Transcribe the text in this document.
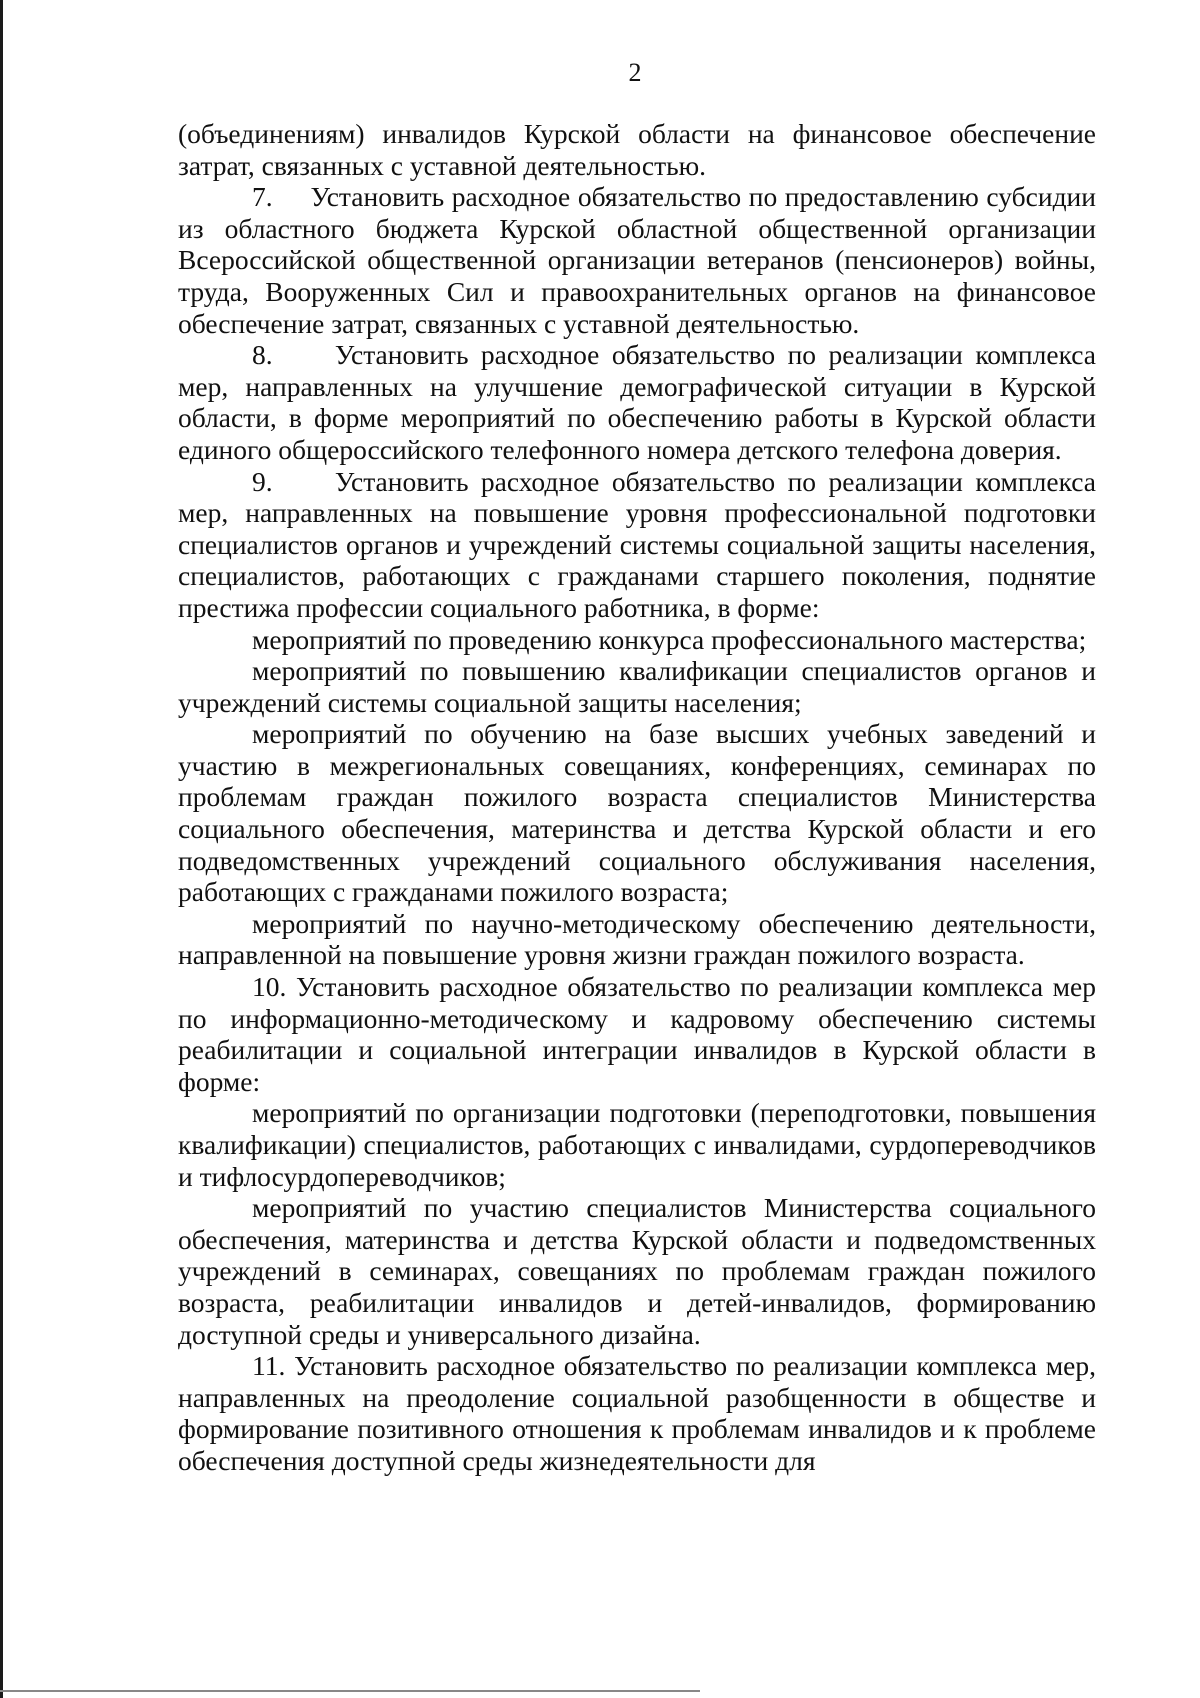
2

(объединениям) инвалидов Курской области на финансовое обеспечение затрат, связанных с уставной деятельностью.

7.     Установить расходное обязательство по предоставлению субсидии из областного бюджета Курской областной общественной организации Всероссийской общественной организации ветеранов (пенсионеров) войны, труда, Вооруженных Сил и правоохранительных органов на финансовое обеспечение затрат, связанных с уставной деятельностью.

8.     Установить расходное обязательство по реализации комплекса мер, направленных на улучшение демографической ситуации в Курской области, в форме мероприятий по обеспечению работы в Курской области единого общероссийского телефонного номера детского телефона доверия.

9.     Установить расходное обязательство по реализации комплекса мер, направленных на повышение уровня профессиональной подготовки специалистов органов и учреждений системы социальной защиты населения, специалистов, работающих с гражданами старшего поколения, поднятие престижа профессии социального работника, в форме:

мероприятий по проведению конкурса профессионального мастерства;

мероприятий по повышению квалификации специалистов органов и учреждений системы социальной защиты населения;

мероприятий по обучению на базе высших учебных заведений и участию в межрегиональных совещаниях, конференциях, семинарах по проблемам граждан пожилого возраста специалистов Министерства социального обеспечения, материнства и детства Курской области и его подведомственных учреждений социального обслуживания населения, работающих с гражданами пожилого возраста;

мероприятий по научно-методическому обеспечению деятельности, направленной на повышение уровня жизни граждан пожилого возраста.

10. Установить расходное обязательство по реализации комплекса мер по информационно-методическому и кадровому обеспечению системы реабилитации и социальной интеграции инвалидов в Курской области в форме:

мероприятий по организации подготовки (переподготовки, повышения квалификации) специалистов, работающих с инвалидами, сурдопереводчиков и тифлосурдопереводчиков;

мероприятий по участию специалистов Министерства социального обеспечения, материнства и детства Курской области и подведомственных учреждений в семинарах, совещаниях по проблемам граждан пожилого возраста, реабилитации инвалидов и детей-инвалидов, формированию доступной среды и универсального дизайна.

11. Установить расходное обязательство по реализации комплекса мер, направленных на преодоление социальной разобщенности в обществе и формирование позитивного отношения к проблемам инвалидов и к проблеме обеспечения доступной среды жизнедеятельности для
